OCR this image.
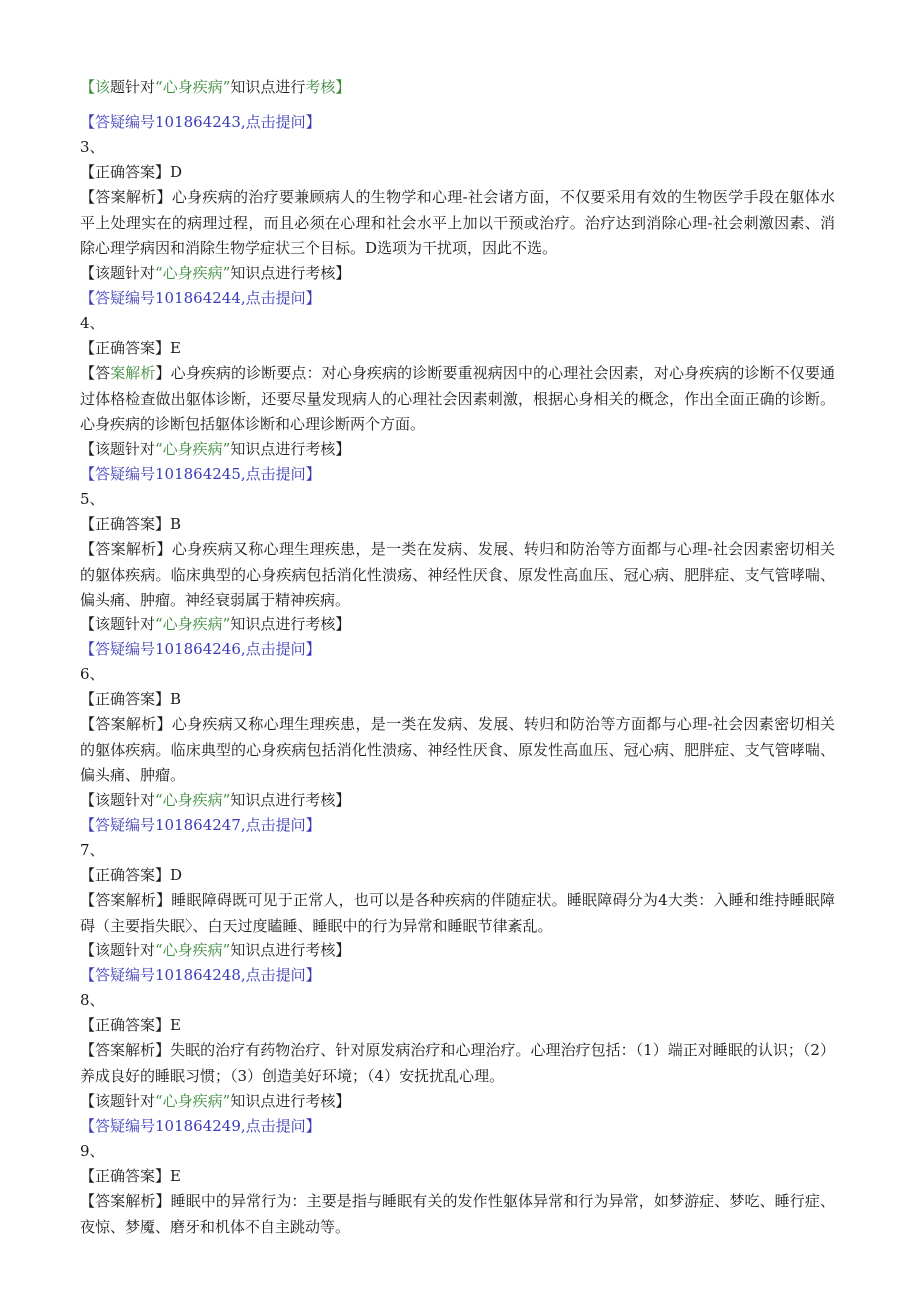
【该题针对“心身疾病”知识点进行考核】
【答疑编号101864243,点击提问】
3、
【正确答案】D
【答案解析】心身疾病的治疗要兼顾病人的生物学和心理-社会诸方面，不仅要采用有效的生物医学手段在躯体水平上处理实在的病理过程，而且必须在心理和社会水平上加以干预或治疗。治疗达到消除心理-社会刺激因素、消除心理学病因和消除生物学症状三个目标。D选项为干扰项，因此不选。
【该题针对“心身疾病”知识点进行考核】
【答疑编号101864244,点击提问】
4、
【正确答案】E
【答案解析】心身疾病的诊断要点：对心身疾病的诊断要重视病因中的心理社会因素，对心身疾病的诊断不仅要通过体格检查做出躯体诊断，还要尽量发现病人的心理社会因素刺激，根据心身相关的概念，作出全面正确的诊断。心身疾病的诊断包括躯体诊断和心理诊断两个方面。
【该题针对“心身疾病”知识点进行考核】
【答疑编号101864245,点击提问】
5、
【正确答案】B
【答案解析】心身疾病又称心理生理疾患，是一类在发病、发展、转归和防治等方面都与心理-社会因素密切相关的躯体疾病。临床典型的心身疾病包括消化性溃疡、神经性厌食、原发性高血压、冠心病、肥胖症、支气管哮喘、偏头痛、肿瘤。神经衰弱属于精神疾病。
【该题针对“心身疾病”知识点进行考核】
【答疑编号101864246,点击提问】
6、
【正确答案】B
【答案解析】心身疾病又称心理生理疾患，是一类在发病、发展、转归和防治等方面都与心理-社会因素密切相关的躯体疾病。临床典型的心身疾病包括消化性溃疡、神经性厌食、原发性高血压、冠心病、肥胖症、支气管哮喘、偏头痛、肿瘤。
【该题针对“心身疾病”知识点进行考核】
【答疑编号101864247,点击提问】
7、
【正确答案】D
【答案解析】睡眠障碍既可见于正常人，也可以是各种疾病的伴随症状。睡眠障碍分为4大类：入睡和维持睡眠障碍（主要指失眠〉、白天过度瞌睡、睡眠中的行为异常和睡眠节律紊乱。
【该题针对“心身疾病”知识点进行考核】
【答疑编号101864248,点击提问】
8、
【正确答案】E
【答案解析】失眠的治疗有药物治疗、针对原发病治疗和心理治疗。心理治疗包括：（1）端正对睡眠的认识；（2）养成良好的睡眠习惯；（3）创造美好环境；（4）安抚扰乱心理。
【该题针对“心身疾病”知识点进行考核】
【答疑编号101864249,点击提问】
9、
【正确答案】E
【答案解析】睡眠中的异常行为：主要是指与睡眠有关的发作性躯体异常和行为异常，如梦游症、梦吃、睡行症、夜惊、梦魇、磨牙和机体不自主跳动等。
